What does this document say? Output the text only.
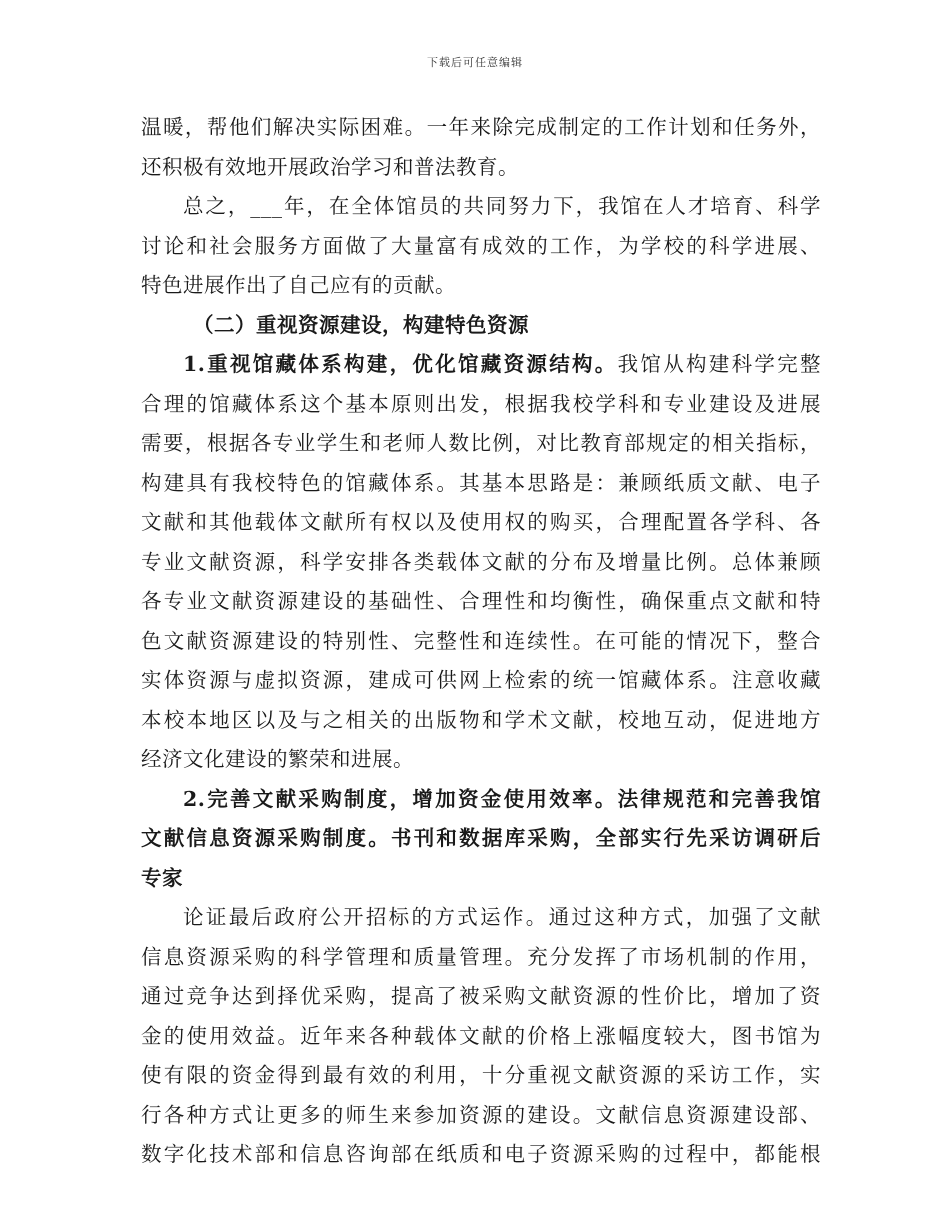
下载后可任意编辑
温暖，帮他们解决实际困难。一年来除完成制定的工作计划和任务外，
还积极有效地开展政治学习和普法教育。
总之，___年，在全体馆员的共同努力下，我馆在人才培育、科学
讨论和社会服务方面做了大量富有成效的工作，为学校的科学进展、
特色进展作出了自己应有的贡献。
（二）重视资源建设，构建特色资源
1.重视馆藏体系构建，优化馆藏资源结构。我馆从构建科学完整
合理的馆藏体系这个基本原则出发，根据我校学科和专业建设及进展
需要，根据各专业学生和老师人数比例，对比教育部规定的相关指标，
构建具有我校特色的馆藏体系。其基本思路是：兼顾纸质文献、电子
文献和其他载体文献所有权以及使用权的购买，合理配置各学科、各
专业文献资源，科学安排各类载体文献的分布及增量比例。总体兼顾
各专业文献资源建设的基础性、合理性和均衡性，确保重点文献和特
色文献资源建设的特别性、完整性和连续性。在可能的情况下，整合
实体资源与虚拟资源，建成可供网上检索的统一馆藏体系。注意收藏
本校本地区以及与之相关的出版物和学术文献，校地互动，促进地方
经济文化建设的繁荣和进展。
2.完善文献采购制度，增加资金使用效率。法律规范和完善我馆
文献信息资源采购制度。书刊和数据库采购，全部实行先采访调研后
专家
论证最后政府公开招标的方式运作。通过这种方式，加强了文献
信息资源采购的科学管理和质量管理。充分发挥了市场机制的作用，
通过竞争达到择优采购，提高了被采购文献资源的性价比，增加了资
金的使用效益。近年来各种载体文献的价格上涨幅度较大，图书馆为
使有限的资金得到最有效的利用，十分重视文献资源的采访工作，实
行各种方式让更多的师生来参加资源的建设。文献信息资源建设部、
数字化技术部和信息咨询部在纸质和电子资源采购的过程中，都能根
